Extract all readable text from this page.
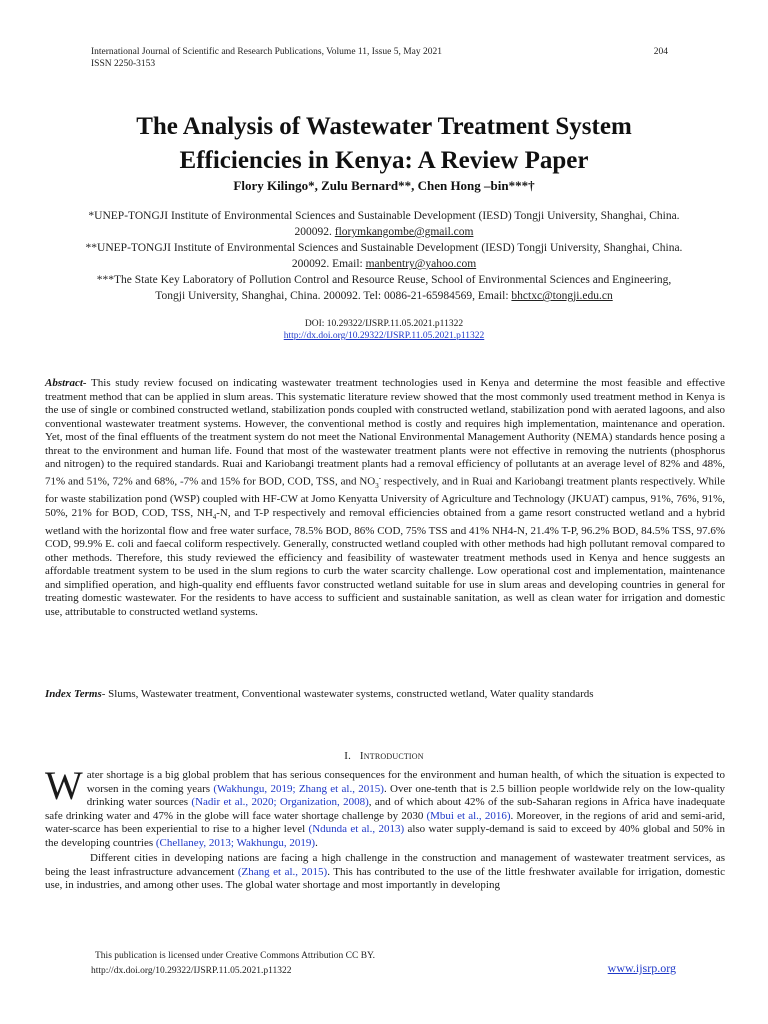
International Journal of Scientific and Research Publications, Volume 11, Issue 5, May 2021
ISSN 2250-3153
204
The Analysis of Wastewater Treatment System
Efficiencies in Kenya: A Review Paper
Flory Kilingo*, Zulu Bernard**, Chen Hong –bin***†

*UNEP-TONGJI Institute of Environmental Sciences and Sustainable Development (IESD) Tongji University, Shanghai, China. 200092. florymkangombe@gmail.com

**UNEP-TONGJI Institute of Environmental Sciences and Sustainable Development (IESD) Tongji University, Shanghai, China. 200092. Email: manbentry@yahoo.com

***The State Key Laboratory of Pollution Control and Resource Reuse, School of Environmental Sciences and Engineering, Tongji University, Shanghai, China. 200092. Tel: 0086-21-65984569, Email: bhctxc@tongji.edu.cn

DOI: 10.29322/IJSRP.11.05.2021.p11322
http://dx.doi.org/10.29322/IJSRP.11.05.2021.p11322

Abstract- This study review focused on indicating wastewater treatment technologies used in Kenya and determine the most feasible and effective treatment method that can be applied in slum areas. This systematic literature review showed that the most commonly used treatment method in Kenya is the use of single or combined constructed wetland, stabilization ponds coupled with constructed wetland, stabilization pond with aerated lagoons, and also conventional wastewater treatment systems. However, the conventional method is costly and requires high implementation, maintenance and operation. Yet, most of the final effluents of the treatment system do not meet the National Environmental Management Authority (NEMA) standards hence posing a threat to the environment and human life. Found that most of the wastewater treatment plants were not effective in removing the nutrients (phosphorus and nitrogen) to the required standards. Ruai and Kariobangi treatment plants had a removal efficiency of pollutants at an average level of 82% and 48%, 71% and 51%, 72% and 68%, -7% and 15% for BOD, COD, TSS, and $NO_3^-$ respectively, and in Ruai and Kariobangi treatment plants respectively. While for waste stabilization pond (WSP) coupled with HF-CW at Jomo Kenyatta University of Agriculture and Technology (JKUAT) campus, 91%, 76%, 91%, 50%, 21% for BOD, COD, TSS, $NH_4-N$, and T-P respectively and removal efficiencies obtained from a game resort constructed wetland and a hybrid wetland with the horizontal flow and free water surface, 78.5% BOD, 86% COD, 75% TSS and 41% NH4-N, 21.4% T-P, 96.2% BOD, 84.5% TSS, 97.6% COD, 99.9% E. coli and faecal coliform respectively. Generally, constructed wetland coupled with other methods had high pollutant removal compared to other methods. Therefore, this study reviewed the efficiency and feasibility of wastewater treatment methods used in Kenya and hence suggests an affordable treatment system to be used in the slum regions to curb the water scarcity challenge. Low operational cost and implementation, maintenance and simplified operation, and high-quality end effluents favor constructed wetland suitable for use in slum areas and developing countries in general for treating domestic wastewater. For the residents to have access to sufficient and sustainable sanitation, as well as clean water for irrigation and domestic use, attributable to constructed wetland systems.

Index Terms- Slums, Wastewater treatment, Conventional wastewater systems, constructed wetland, Water quality standards

I. Introduction

Water shortage is a big global problem that has serious consequences for the environment and human health, of which the situation is expected to worsen in the coming years (Wakhungu, 2019; Zhang et al., 2015). Over one-tenth that is 2.5 billion people worldwide rely on the low-quality drinking water sources (Nadir et al., 2020; Organization, 2008), and of which about 42% of the sub-Saharan regions in Africa have inadequate safe drinking water and 47% in the globe will face water shortage challenge by 2030 (Mbui et al., 2016). Moreover, in the regions of arid and semi-arid, water-scarce has been experiential to rise to a higher level (Ndunda et al., 2013) also water supply-demand is said to exceed by 40% global and 50% in the developing countries (Chellaney, 2013; Wakhungu, 2019).

Different cities in developing nations are facing a high challenge in the construction and management of wastewater treatment services, as being the least infrastructure advancement (Zhang et al., 2015). This has contributed to the use of the little freshwater available for irrigation, domestic use, in industries, and among other uses. The global water shortage and most importantly in developing

This publication is licensed under Creative Commons Attribution CC BY.
http://dx.doi.org/10.29322/IJSRP.11.05.2021.p11322	www.ijsrp.org
